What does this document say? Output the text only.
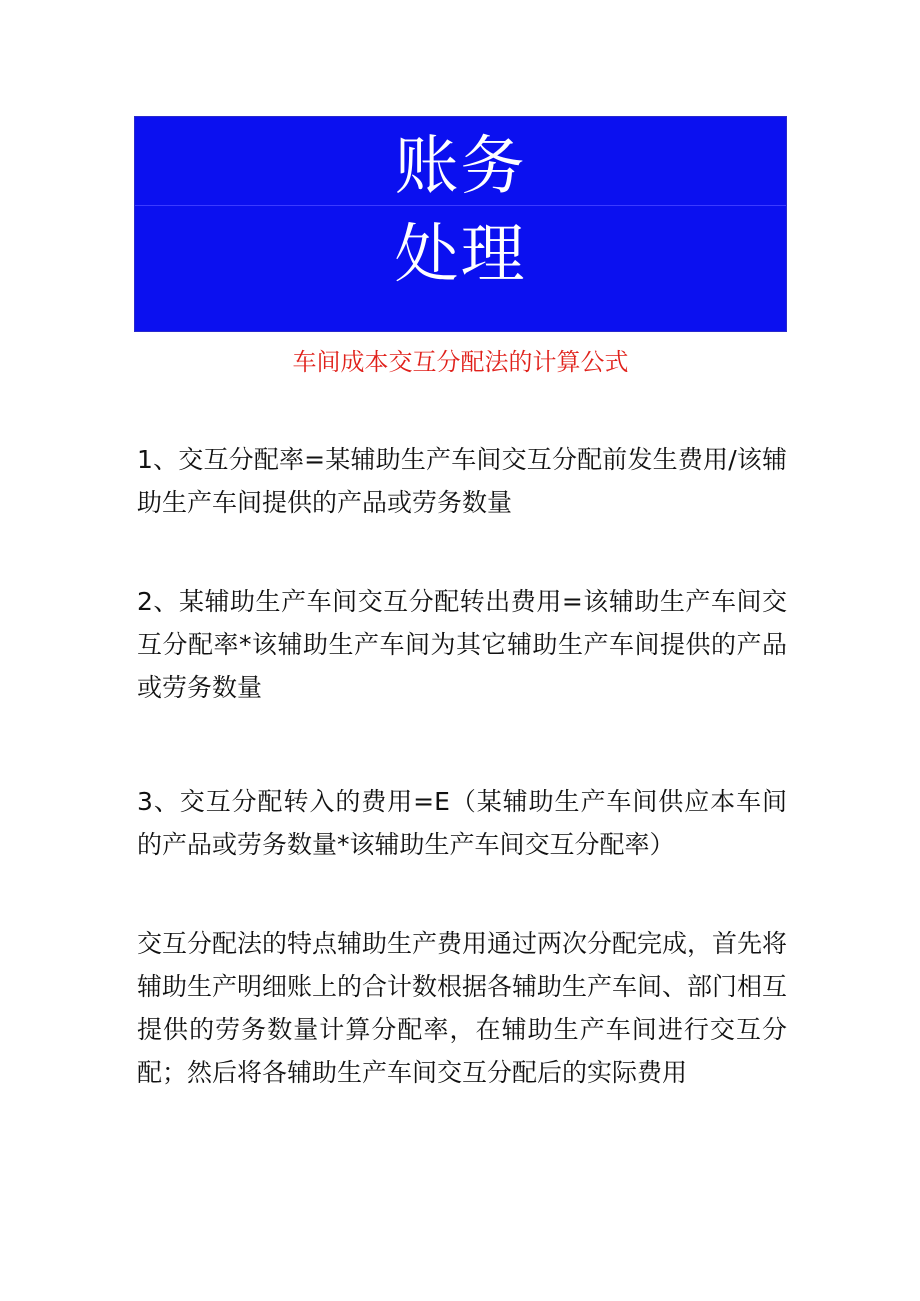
账务
处理
车间成本交互分配法的计算公式

1、交互分配率=某辅助生产车间交互分配前发生费用/该辅助生产车间提供的产品或劳务数量

2、某辅助生产车间交互分配转出费用=该辅助生产车间交互分配率*该辅助生产车间为其它辅助生产车间提供的产品或劳务数量

3、交互分配转入的费用=E（某辅助生产车间供应本车间的产品或劳务数量*该辅助生产车间交互分配率）

交互分配法的特点辅助生产费用通过两次分配完成，首先将辅助生产明细账上的合计数根据各辅助生产车间、部门相互提供的劳务数量计算分配率，在辅助生产车间进行交互分配；然后将各辅助生产车间交互分配后的实际费用
